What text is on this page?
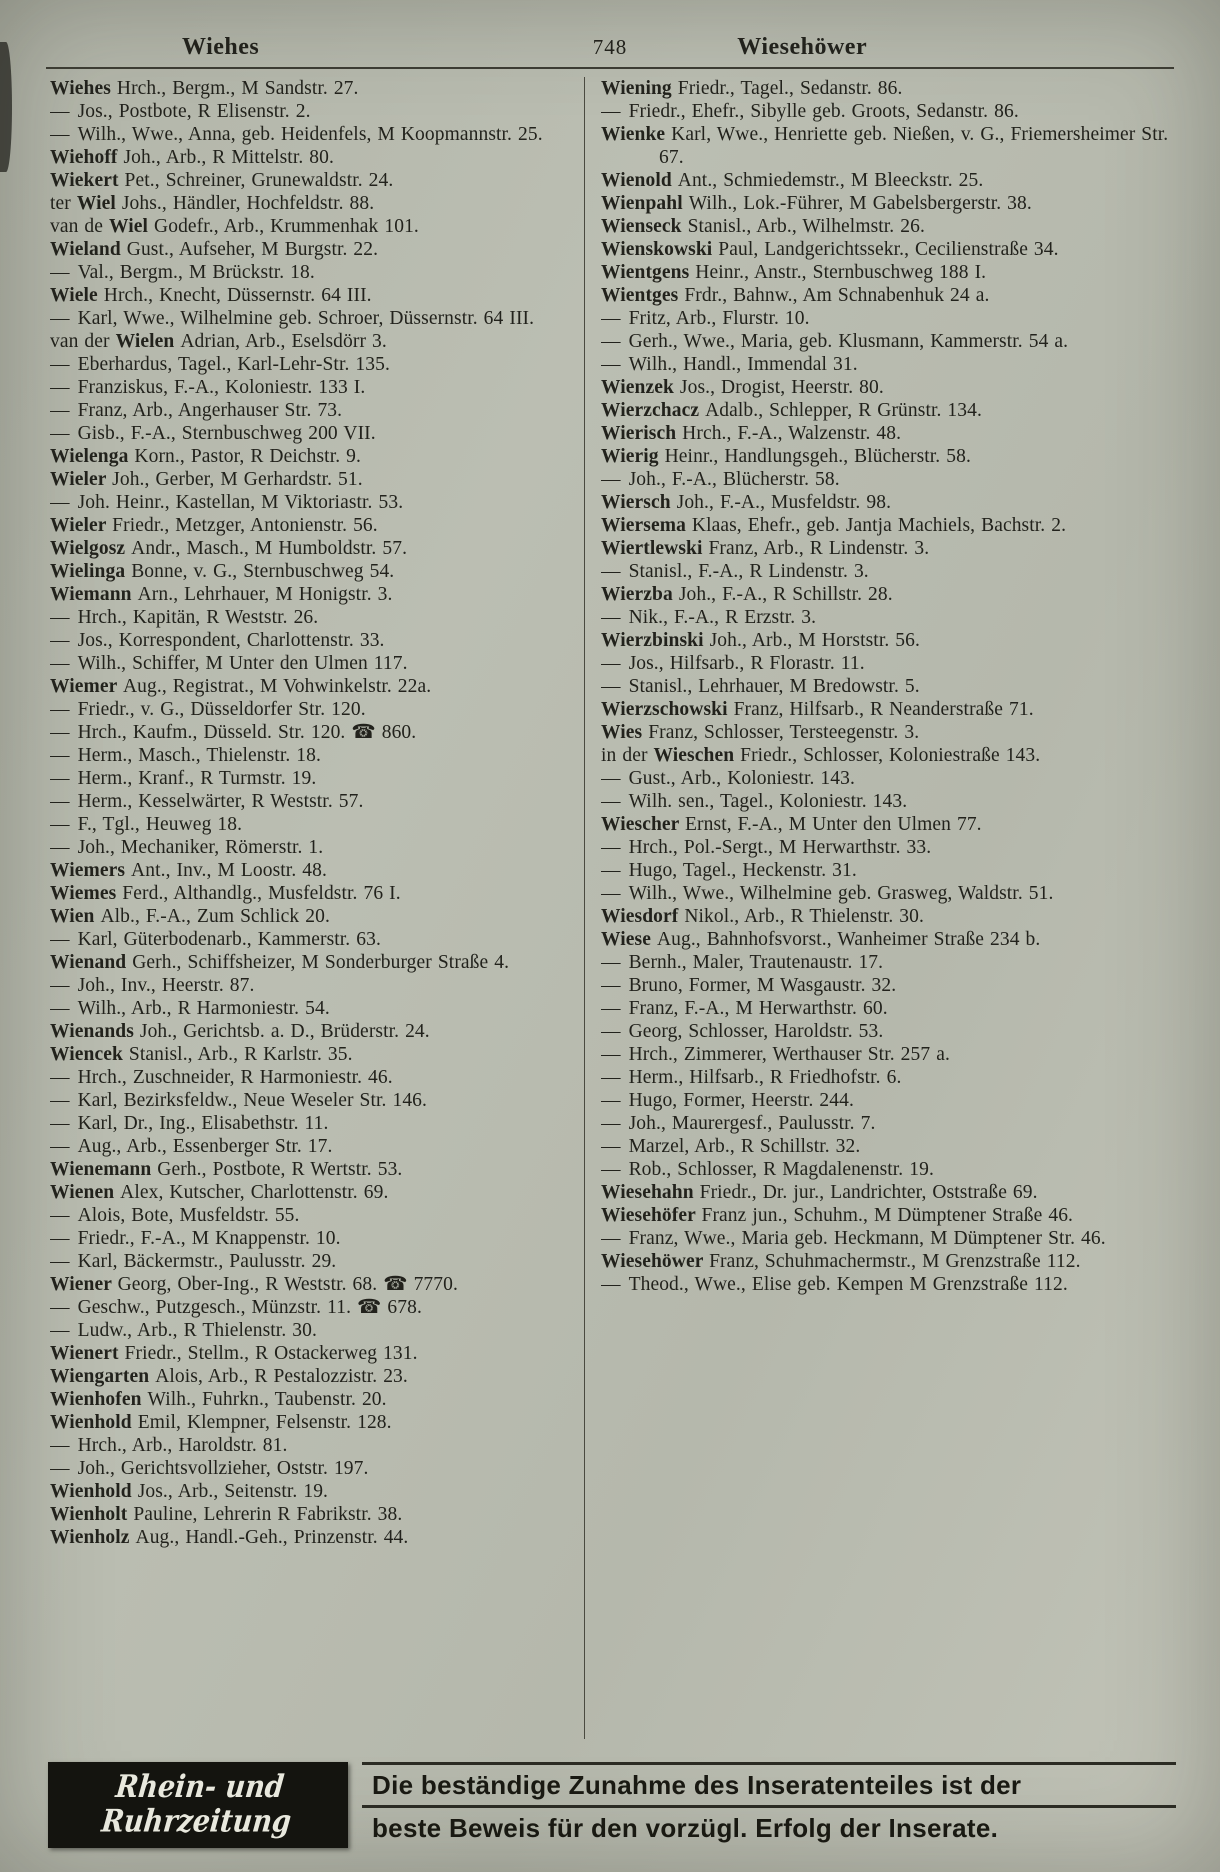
Wiehes	748	Wiesehöwer

Wiehes Hrch., Bergm., M Sandstr. 27.

— Jos., Postbote, R Elisenstr. 2.

— Wilh., Wwe., Anna, geb. Heidenfels, M Koopmannstr. 25.

Wiehoff Joh., Arb., R Mittelstr. 80.

Wiekert Pet., Schreiner, Grunewaldstr. 24.

ter Wiel Johs., Händler, Hochfeldstr. 88.

van de Wiel Godefr., Arb., Krummenhak 101.

Wieland Gust., Aufseher, M Burgstr. 22.

— Val., Bergm., M Brückstr. 18.

Wiele Hrch., Knecht, Düssernstr. 64 III.

— Karl, Wwe., Wilhelmine geb. Schroer, Düssernstr. 64 III.

van der Wielen Adrian, Arb., Eselsdörr 3.

— Eberhardus, Tagel., Karl-Lehr-Str. 135.

— Franziskus, F.-A., Koloniestr. 133 I.

— Franz, Arb., Angerhauser Str. 73.

— Gisb., F.-A., Sternbuschweg 200 VII.

Wielenga Korn., Pastor, R Deichstr. 9.

Wieler Joh., Gerber, M Gerhardstr. 51.

— Joh. Heinr., Kastellan, M Viktoriastr. 53.

Wieler Friedr., Metzger, Antonienstr. 56.

Wielgosz Andr., Masch., M Humboldstr. 57.

Wielinga Bonne, v. G., Sternbuschweg 54.

Wiemann Arn., Lehrhauer, M Honigstr. 3.

— Hrch., Kapitän, R Weststr. 26.

— Jos., Korrespondent, Charlottenstr. 33.

— Wilh., Schiffer, M Unter den Ulmen 117.

Wiemer Aug., Registrat., M Vohwinkelstr. 22a.

— Friedr., v. G., Düsseldorfer Str. 120.

— Hrch., Kaufm., Düsseld. Str. 120. ☎ 860.

— Herm., Masch., Thielenstr. 18.

— Herm., Kranf., R Turmstr. 19.

— Herm., Kesselwärter, R Weststr. 57.

— F., Tgl., Heuweg 18.

— Joh., Mechaniker, Römerstr. 1.

Wiemers Ant., Inv., M Loostr. 48.

Wiemes Ferd., Althandlg., Musfeldstr. 76 I.

Wien Alb., F.-A., Zum Schlick 20.

— Karl, Güterbodenarb., Kammerstr. 63.

Wienand Gerh., Schiffsheizer, M Sonderburger Straße 4.

— Joh., Inv., Heerstr. 87.

— Wilh., Arb., R Harmoniestr. 54.

Wienands Joh., Gerichtsb. a. D., Brüderstr. 24.

Wiencek Stanisl., Arb., R Karlstr. 35.

— Hrch., Zuschneider, R Harmoniestr. 46.

— Karl, Bezirksfeldw., Neue Weseler Str. 146.

— Karl, Dr., Ing., Elisabethstr. 11.

— Aug., Arb., Essenberger Str. 17.

Wienemann Gerh., Postbote, R Wertstr. 53.

Wienen Alex, Kutscher, Charlottenstr. 69.

— Alois, Bote, Musfeldstr. 55.

— Friedr., F.-A., M Knappenstr. 10.

— Karl, Bäckermstr., Paulusstr. 29.

Wiener Georg, Ober-Ing., R Weststr. 68. ☎ 7770.

— Geschw., Putzgesch., Münzstr. 11. ☎ 678.

— Ludw., Arb., R Thielenstr. 30.

Wienert Friedr., Stellm., R Ostackerweg 131.

Wiengarten Alois, Arb., R Pestalozzistr. 23.

Wienhofen Wilh., Fuhrkn., Taubenstr. 20.

Wienhold Emil, Klempner, Felsenstr. 128.

— Hrch., Arb., Haroldstr. 81.

— Joh., Gerichtsvollzieher, Oststr. 197.

Wienhold Jos., Arb., Seitenstr. 19.

Wienholt Pauline, Lehrerin R Fabrikstr. 38.

Wienholz Aug., Handl.-Geh., Prinzenstr. 44.

Wiening Friedr., Tagel., Sedanstr. 86.

— Friedr., Ehefr., Sibylle geb. Groots, Sedanstr. 86.

Wienke Karl, Wwe., Henriette geb. Nießen, v. G., Friemersheimer Str. 67.

Wienold Ant., Schmiedemstr., M Bleeckstr. 25.

Wienpahl Wilh., Lok.-Führer, M Gabelsbergerstr. 38.

Wienseck Stanisl., Arb., Wilhelmstr. 26.

Wienskowski Paul, Landgerichtssekr., Cecilienstraße 34.

Wientgens Heinr., Anstr., Sternbuschweg 188 I.

Wientges Frdr., Bahnw., Am Schnabenhuk 24 a.

— Fritz, Arb., Flurstr. 10.

— Gerh., Wwe., Maria, geb. Klusmann, Kammerstr. 54 a.

— Wilh., Handl., Immendal 31.

Wienzek Jos., Drogist, Heerstr. 80.

Wierzchacz Adalb., Schlepper, R Grünstr. 134.

Wierisch Hrch., F.-A., Walzenstr. 48.

Wierig Heinr., Handlungsgeh., Blücherstr. 58.

— Joh., F.-A., Blücherstr. 58.

Wiersch Joh., F.-A., Musfeldstr. 98.

Wiersema Klaas, Ehefr., geb. Jantja Machiels, Bachstr. 2.

Wiertlewski Franz, Arb., R Lindenstr. 3.

— Stanisl., F.-A., R Lindenstr. 3.

Wierzba Joh., F.-A., R Schillstr. 28.

— Nik., F.-A., R Erzstr. 3.

Wierzbinski Joh., Arb., M Horststr. 56.

— Jos., Hilfsarb., R Florastr. 11.

— Stanisl., Lehrhauer, M Bredowstr. 5.

Wierzschowski Franz, Hilfsarb., R Neanderstraße 71.

Wies Franz, Schlosser, Tersteegenstr. 3.

in der Wieschen Friedr., Schlosser, Koloniestraße 143.

— Gust., Arb., Koloniestr. 143.

— Wilh. sen., Tagel., Koloniestr. 143.

Wiescher Ernst, F.-A., M Unter den Ulmen 77.

— Hrch., Pol.-Sergt., M Herwarthstr. 33.

— Hugo, Tagel., Heckenstr. 31.

— Wilh., Wwe., Wilhelmine geb. Grasweg, Waldstr. 51.

Wiesdorf Nikol., Arb., R Thielenstr. 30.

Wiese Aug., Bahnhofsvorst., Wanheimer Straße 234 b.

— Bernh., Maler, Trautenaustr. 17.

— Bruno, Former, M Wasgaustr. 32.

— Franz, F.-A., M Herwarthstr. 60.

— Georg, Schlosser, Haroldstr. 53.

— Hrch., Zimmerer, Werthauser Str. 257 a.

— Herm., Hilfsarb., R Friedhofstr. 6.

— Hugo, Former, Heerstr. 244.

— Joh., Maurergesf., Paulusstr. 7.

— Marzel, Arb., R Schillstr. 32.

— Rob., Schlosser, R Magdalenenstr. 19.

Wiesehahn Friedr., Dr. jur., Landrichter, Oststraße 69.

Wiesehöfer Franz jun., Schuhm., M Dümptener Straße 46.

— Franz, Wwe., Maria geb. Heckmann, M Dümptener Str. 46.

Wiesehöwer Franz, Schuhmachermstr., M Grenzstraße 112.

— Theod., Wwe., Elise geb. Kempen M Grenzstraße 112.

Rhein- und Ruhrzeitung
Die beständige Zunahme des Inseratenteiles ist der
beste Beweis für den vorzügl. Erfolg der Inserate.
